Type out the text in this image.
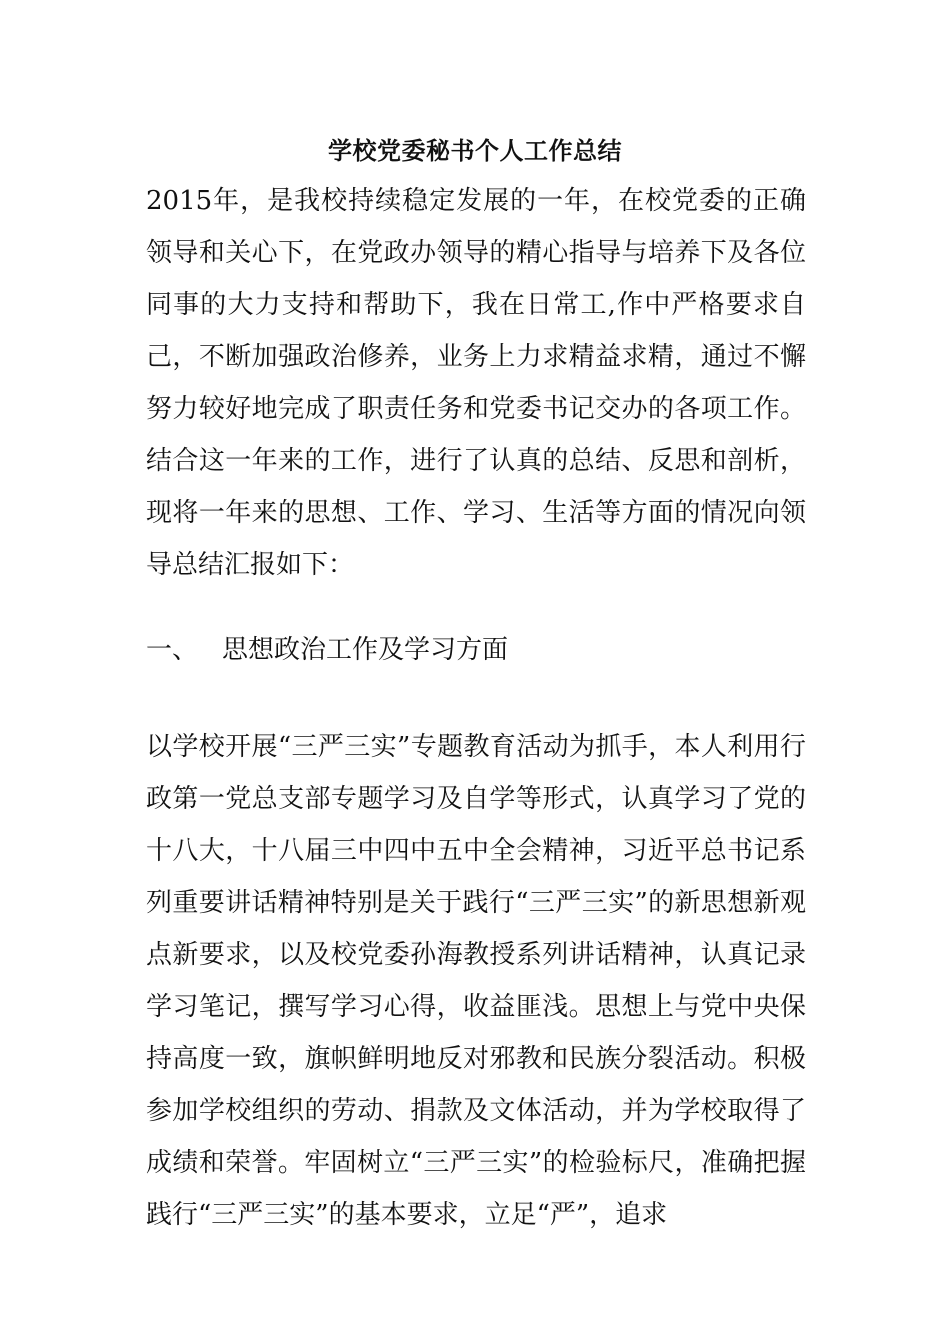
学校党委秘书个人工作总结

2015年，是我校持续稳定发展的一年，在校党委的正确领导和关心下，在党政办领导的精心指导与培养下及各位同事的大力支持和帮助下，我在日常工,作中严格要求自己，不断加强政治修养，业务上力求精益求精，通过不懈努力较好地完成了职责任务和党委书记交办的各项工作。结合这一年来的工作，进行了认真的总结、反思和剖析，现将一年来的思想、工作、学习、生活等方面的情况向领导总结汇报如下：

一、 思想政治工作及学习方面

以学校开展“三严三实”专题教育活动为抓手，本人利用行政第一党总支部专题学习及自学等形式，认真学习了党的十八大，十八届三中四中五中全会精神，习近平总书记系列重要讲话精神特别是关于践行“三严三实”的新思想新观点新要求，以及校党委孙海教授系列讲话精神，认真记录学习笔记，撰写学习心得，收益匪浅。思想上与党中央保持高度一致，旗帜鲜明地反对邪教和民族分裂活动。积极参加学校组织的劳动、捐款及文体活动，并为学校取得了成绩和荣誉。牢固树立“三严三实”的检验标尺，准确把握践行“三严三实”的基本要求，立足“严”，追求
